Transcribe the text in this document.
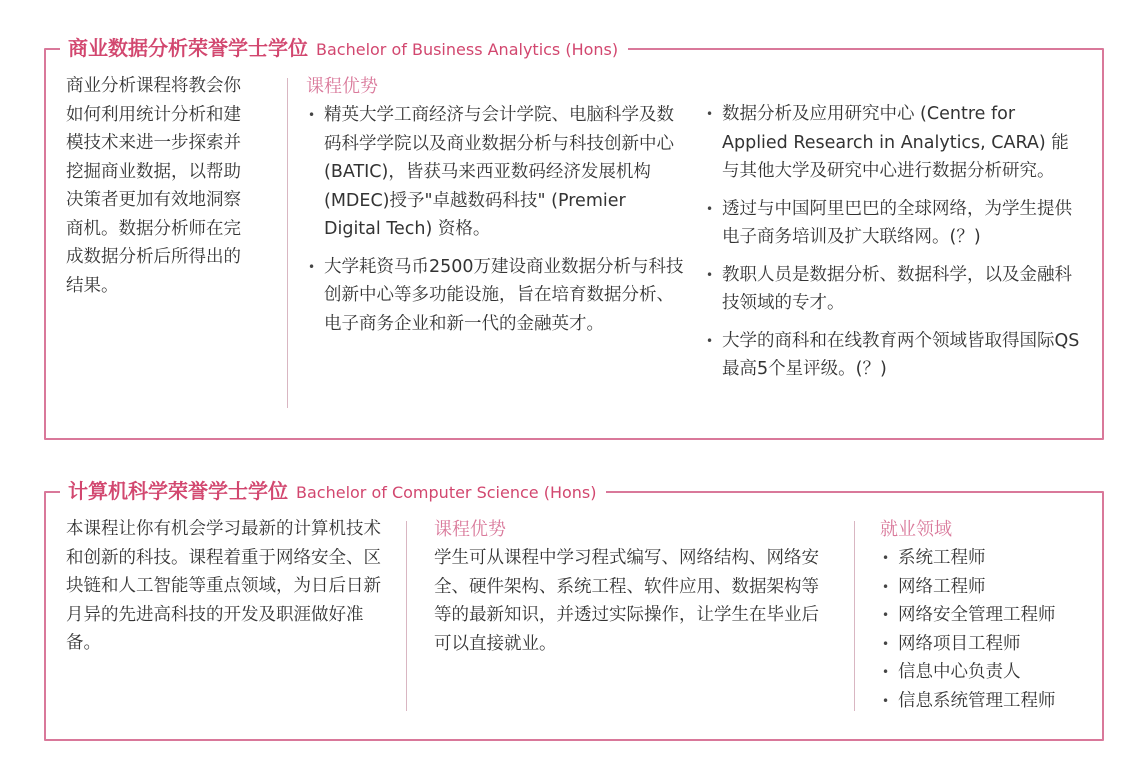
商业数据分析荣誉学士学位 Bachelor of Business Analytics (Hons)

商业分析课程将教会你如何利用统计分析和建模技术来进一步探索并挖掘商业数据，以帮助决策者更加有效地洞察商机。数据分析师在完成数据分析后所得出的结果。

课程优势
• 精英大学工商经济与会计学院、电脑科学及数码科学学院以及商业数据分析与科技创新中心 (BATIC)，皆获马来西亚数码经济发展机构 (MDEC)授予"卓越数码科技" (Premier Digital Tech) 资格。
• 大学耗资马币2500万建设商业数据分析与科技创新中心等多功能设施，旨在培育数据分析、电子商务企业和新一代的金融英才。
• 数据分析及应用研究中心 (Centre for Applied Research in Analytics, CARA) 能与其他大学及研究中心进行数据分析研究。
• 透过与中国阿里巴巴的全球网络，为学生提供电子商务培训及扩大联络网。(？)
• 教职人员是数据分析、数据科学，以及金融科技领域的专才。
• 大学的商科和在线教育两个领域皆取得国际QS最高5个星评级。(？)
计算机科学荣誉学士学位 Bachelor of Computer Science (Hons)

本课程让你有机会学习最新的计算机技术和创新的科技。课程着重于网络安全、区块链和人工智能等重点领域，为日后日新月异的先进高科技的开发及职涯做好准备。

课程优势

学生可从课程中学习程式编写、网络结构、网络安全、硬件架构、系统工程、软件应用、数据架构等等的最新知识，并透过实际操作，让学生在毕业后可以直接就业。

就业领域
• 系统工程师
• 网络工程师
• 网络安全管理工程师
• 网络项目工程师
• 信息中心负责人
• 信息系统管理工程师
